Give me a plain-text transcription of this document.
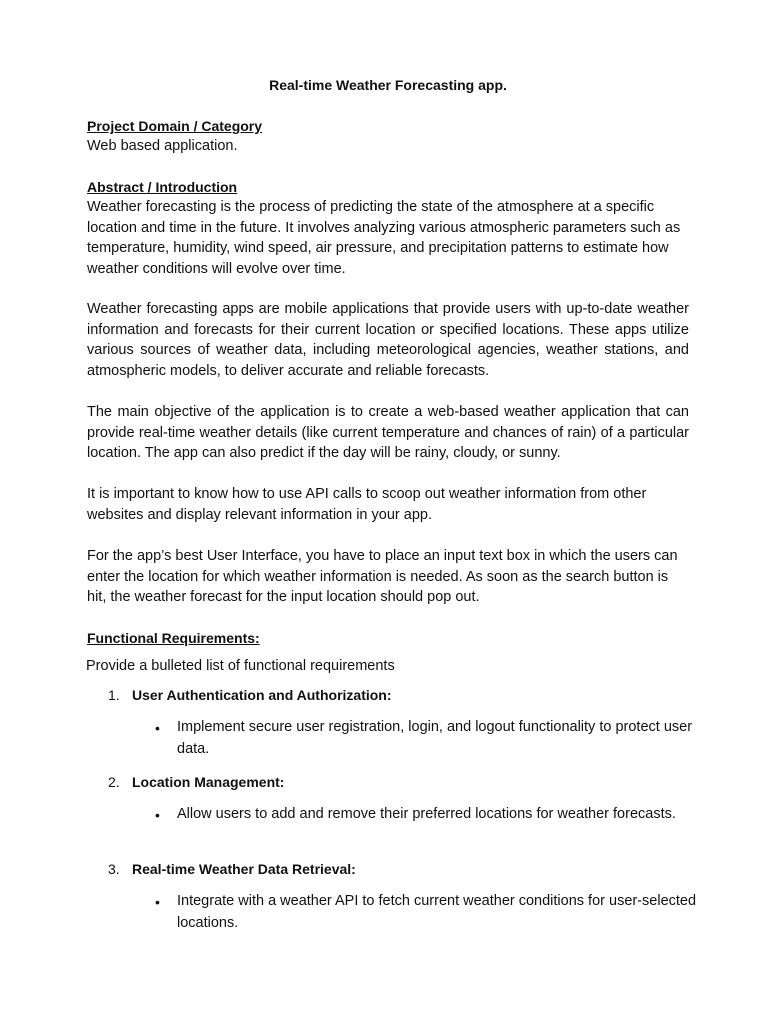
Real-time Weather Forecasting app.
Project Domain / Category
Web based application.
Abstract / Introduction
Weather forecasting is the process of predicting the state of the atmosphere at a specific location and time in the future. It involves analyzing various atmospheric parameters such as temperature, humidity, wind speed, air pressure, and precipitation patterns to estimate how weather conditions will evolve over time.
Weather forecasting apps are mobile applications that provide users with up-to-date weather information and forecasts for their current location or specified locations. These apps utilize various sources of weather data, including meteorological agencies, weather stations, and atmospheric models, to deliver accurate and reliable forecasts.
The main objective of the application is to create a web-based weather application that can provide real-time weather details (like current temperature and chances of rain) of a particular location. The app can also predict if the day will be rainy, cloudy, or sunny.
It is important to know how to use API calls to scoop out weather information from other websites and display relevant information in your app.
For the app’s best User Interface, you have to place an input text box in which the users can enter the location for which weather information is needed. As soon as the search button is hit, the weather forecast for the input location should pop out.
Functional Requirements:
Provide a bulleted list of functional requirements
1. User Authentication and Authorization:
• Implement secure user registration, login, and logout functionality to protect user data.
2. Location Management:
• Allow users to add and remove their preferred locations for weather forecasts.
3. Real-time Weather Data Retrieval:
• Integrate with a weather API to fetch current weather conditions for user-selected locations.
